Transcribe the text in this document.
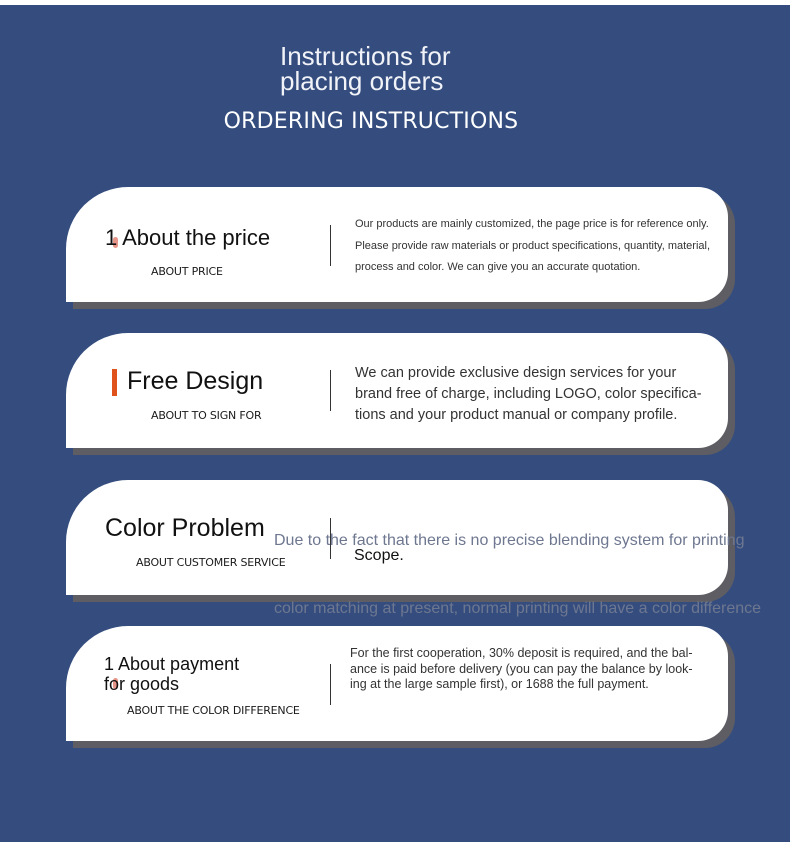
Instructions for
placing orders
ORDERING INSTRUCTIONS
1 About the price
ABOUT PRICE
Our products are mainly customized, the page price is for reference only.
Please provide raw materials or product specifications, quantity, material,
process and color. We can give you an accurate quotation.
Free Design
ABOUT TO SIGN FOR
We can provide exclusive design services for your
brand free of charge, including LOGO, color specifica-
tions and your product manual or company profile.
Color Problem
ABOUT CUSTOMER SERVICE	Scope.
Due to the fact that there is no precise blending system for printing
color matching at present, normal printing will have a color difference
1 About payment
for goods
ABOUT THE COLOR DIFFERENCE
For the first cooperation, 30% deposit is required, and the bal-
ance is paid before delivery (you can pay the balance by look-
ing at the large sample first), or 1688 the full payment.
